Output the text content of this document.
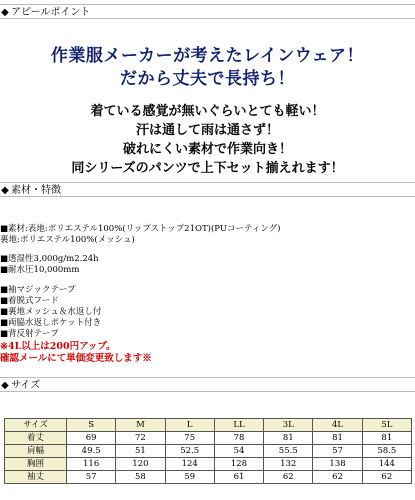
◆ アピールポイント
作業服メーカーが考えたレインウェア！
だから丈夫で長持ち！
着ている感覚が無いぐらいとても軽い！
汗は通して雨は通さず！
破れにくい素材で作業向き！
同シリーズのパンツで上下セット揃えれます！
◆ 素材・特徴
■素材:表地:ポリエステル100%(リップストップ21OT)(PUコーティング)
裏地:ポリエステル100%(メッシュ)
■透湿性3,000g/m2.24h
■耐水圧10,000mm
■袖マジックテープ
■着脱式フード
■裏地メッシュ＆水返し付
■両脇水返しポケット付き
■背反射テープ
※4L以上は200円アップ。
確認メールにて単価変更致します※
◆ サイズ
サイズ	S	M	L	LL	3L	4L	5L
着丈	69	72	75	78	81	81	81
肩幅	49.5	51	52.5	54	55.5	57	58.5
胸囲	116	120	124	128	132	138	144
袖丈	57	58	59	61	62	62	62
